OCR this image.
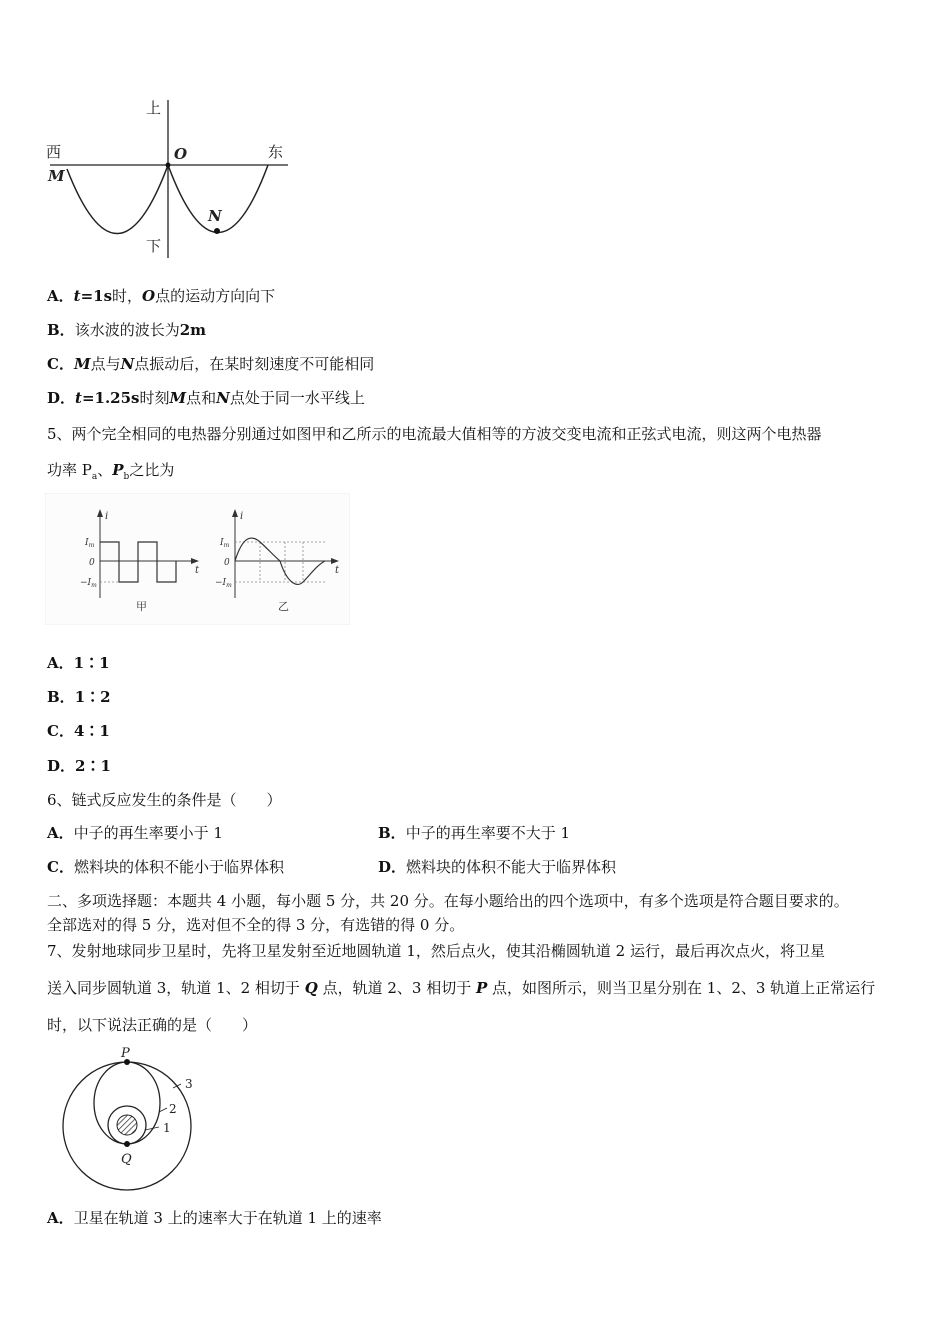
上
下
西	东
O
M
N
A．t=1s时，O点的运动方向向下
B．该水波的波长为2m
C．M点与N点振动后，在某时刻速度不可能相同
D．t=1.25s时刻M点和N点处于同一水平线上
5、两个完全相同的电热器分别通过如图甲和乙所示的电流最大值相等的方波交变电流和正弦式电流，则这两个电热器
功率 $P_a$、$P_b$之比为
i
t
$I_m$
0
$-I_m$
甲
i
t
$I_m$
0
$-I_m$
乙
A．1∶1
B．1∶2
C．4∶1
D．2∶1
6、链式反应发生的条件是（　　）
A．中子的再生率要小于 1	B．中子的再生率要不大于 1
C．燃料块的体积不能小于临界体积	D．燃料块的体积不能大于临界体积
二、多项选择题：本题共 4 小题，每小题 5 分，共 20 分。在每小题给出的四个选项中，有多个选项是符合题目要求的。
全部选对的得 5 分，选对但不全的得 3 分，有选错的得 0 分。
7、发射地球同步卫星时，先将卫星发射至近地圆轨道 1，然后点火，使其沿椭圆轨道 2 运行，最后再次点火，将卫星
送入同步圆轨道 3，轨道 1、2 相切于 Q 点，轨道 2、3 相切于 P 点，如图所示，则当卫星分别在 1、2、3 轨道上正常运行
时，以下说法正确的是（　　）
P
Q
1
2
3
A．卫星在轨道 3 上的速率大于在轨道 1 上的速率
